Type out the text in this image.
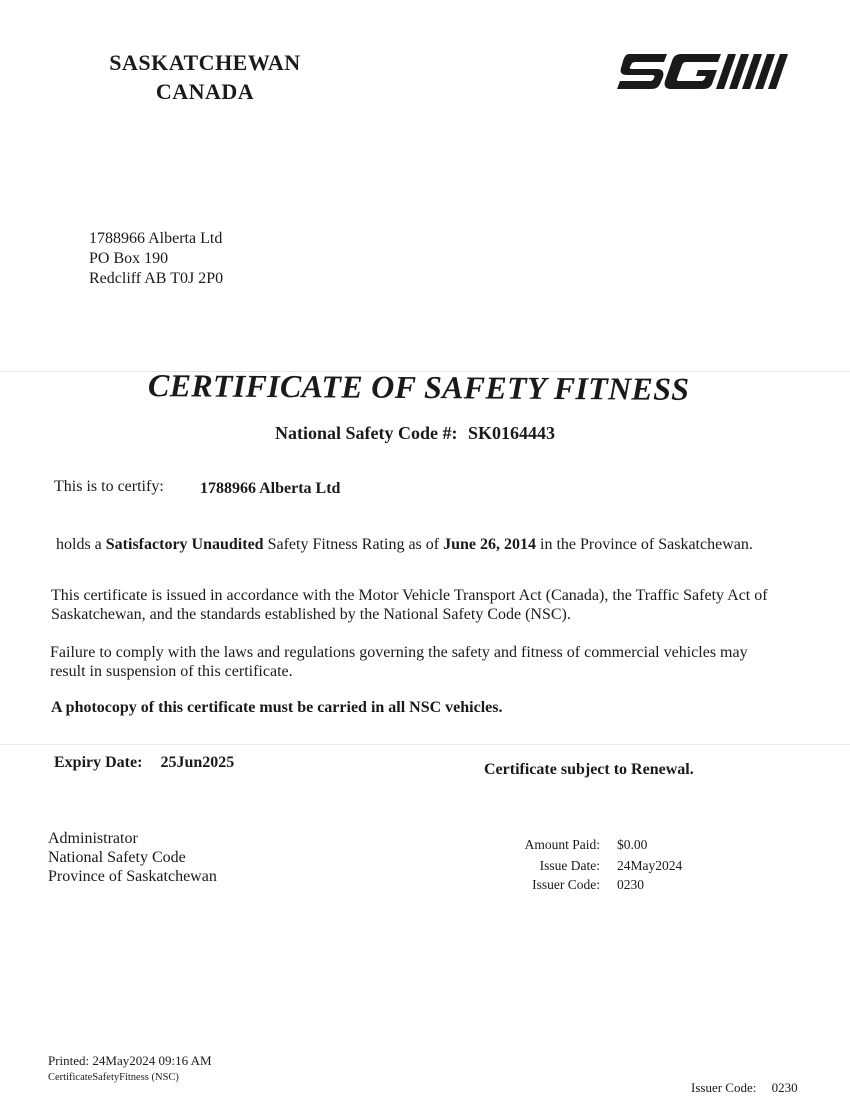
SASKATCHEWAN
CANADA
1788966 Alberta Ltd
PO Box 190
Redcliff AB T0J 2P0
CERTIFICATE OF SAFETY FITNESS
National Safety Code #: SK0164443
This is to certify: 1788966 Alberta Ltd
holds a Satisfactory Unaudited Safety Fitness Rating as of June 26, 2014 in the Province of Saskatchewan.
This certificate is issued in accordance with the Motor Vehicle Transport Act (Canada), the Traffic Safety Act of
Saskatchewan, and the standards established by the National Safety Code (NSC).
Failure to comply with the laws and regulations governing the safety and fitness of commercial vehicles may
result in suspension of this certificate.
A photocopy of this certificate must be carried in all NSC vehicles.
Expiry Date: 25Jun2025	Certificate subject to Renewal.
Administrator
National Safety Code
Province of Saskatchewan
Amount Paid: $0.00
Issue Date: 24May2024
Issuer Code: 0230
Printed: 24May2024 09:16 AM
CertificateSafetyFitness (NSC)
Issuer Code: 0230
